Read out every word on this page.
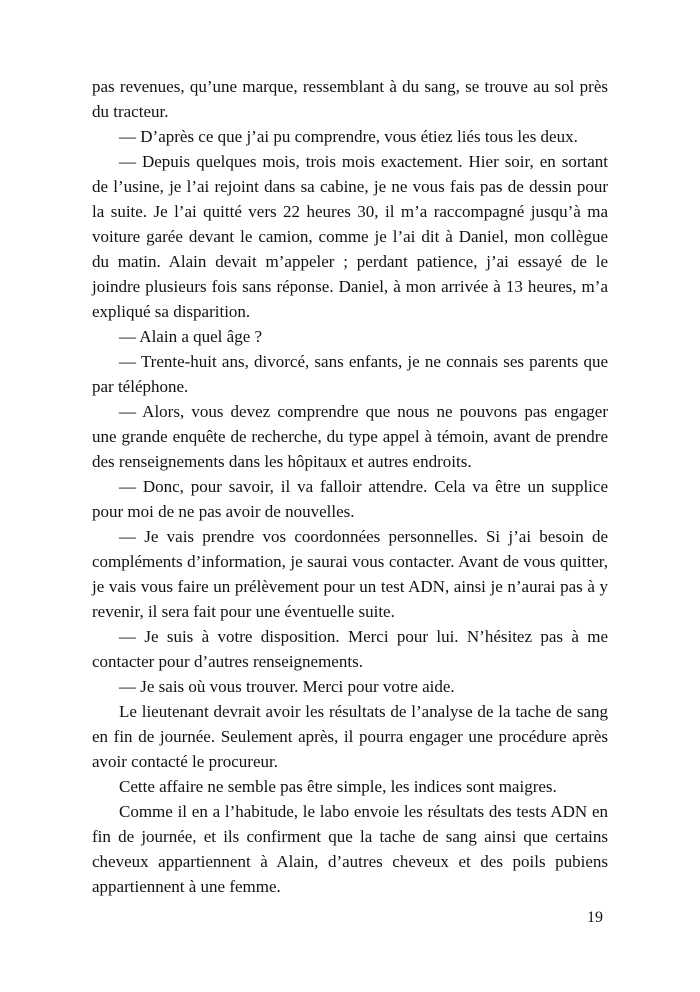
pas revenues, qu’une marque, ressemblant à du sang, se trouve au sol près du tracteur.

— D’après ce que j’ai pu comprendre, vous étiez liés tous les deux.

— Depuis quelques mois, trois mois exactement. Hier soir, en sortant de l’usine, je l’ai rejoint dans sa cabine, je ne vous fais pas de dessin pour la suite. Je l’ai quitté vers 22 heures 30, il m’a raccompagné jusqu’à ma voiture garée devant le camion, comme je l’ai dit à Daniel, mon collègue du matin. Alain devait m’appeler ; perdant patience, j’ai essayé de le joindre plusieurs fois sans réponse. Daniel, à mon arrivée à 13 heures, m’a expliqué sa disparition.

— Alain a quel âge ?

— Trente-huit ans, divorcé, sans enfants, je ne connais ses parents que par téléphone.

— Alors, vous devez comprendre que nous ne pouvons pas engager une grande enquête de recherche, du type appel à témoin, avant de prendre des renseignements dans les hôpitaux et autres endroits.

— Donc, pour savoir, il va falloir attendre. Cela va être un supplice pour moi de ne pas avoir de nouvelles.

— Je vais prendre vos coordonnées personnelles. Si j’ai besoin de compléments d’information, je saurai vous contacter. Avant de vous quitter, je vais vous faire un prélèvement pour un test ADN, ainsi je n’aurai pas à y revenir, il sera fait pour une éventuelle suite.

— Je suis à votre disposition. Merci pour lui. N’hésitez pas à me contacter pour d’autres renseignements.

— Je sais où vous trouver. Merci pour votre aide.

Le lieutenant devrait avoir les résultats de l’analyse de la tache de sang en fin de journée. Seulement après, il pourra engager une procédure après avoir contacté le procureur.

Cette affaire ne semble pas être simple, les indices sont maigres.

Comme il en a l’habitude, le labo envoie les résultats des tests ADN en fin de journée, et ils confirment que la tache de sang ainsi que certains cheveux appartiennent à Alain, d’autres cheveux et des poils pubiens appartiennent à une femme.

19
